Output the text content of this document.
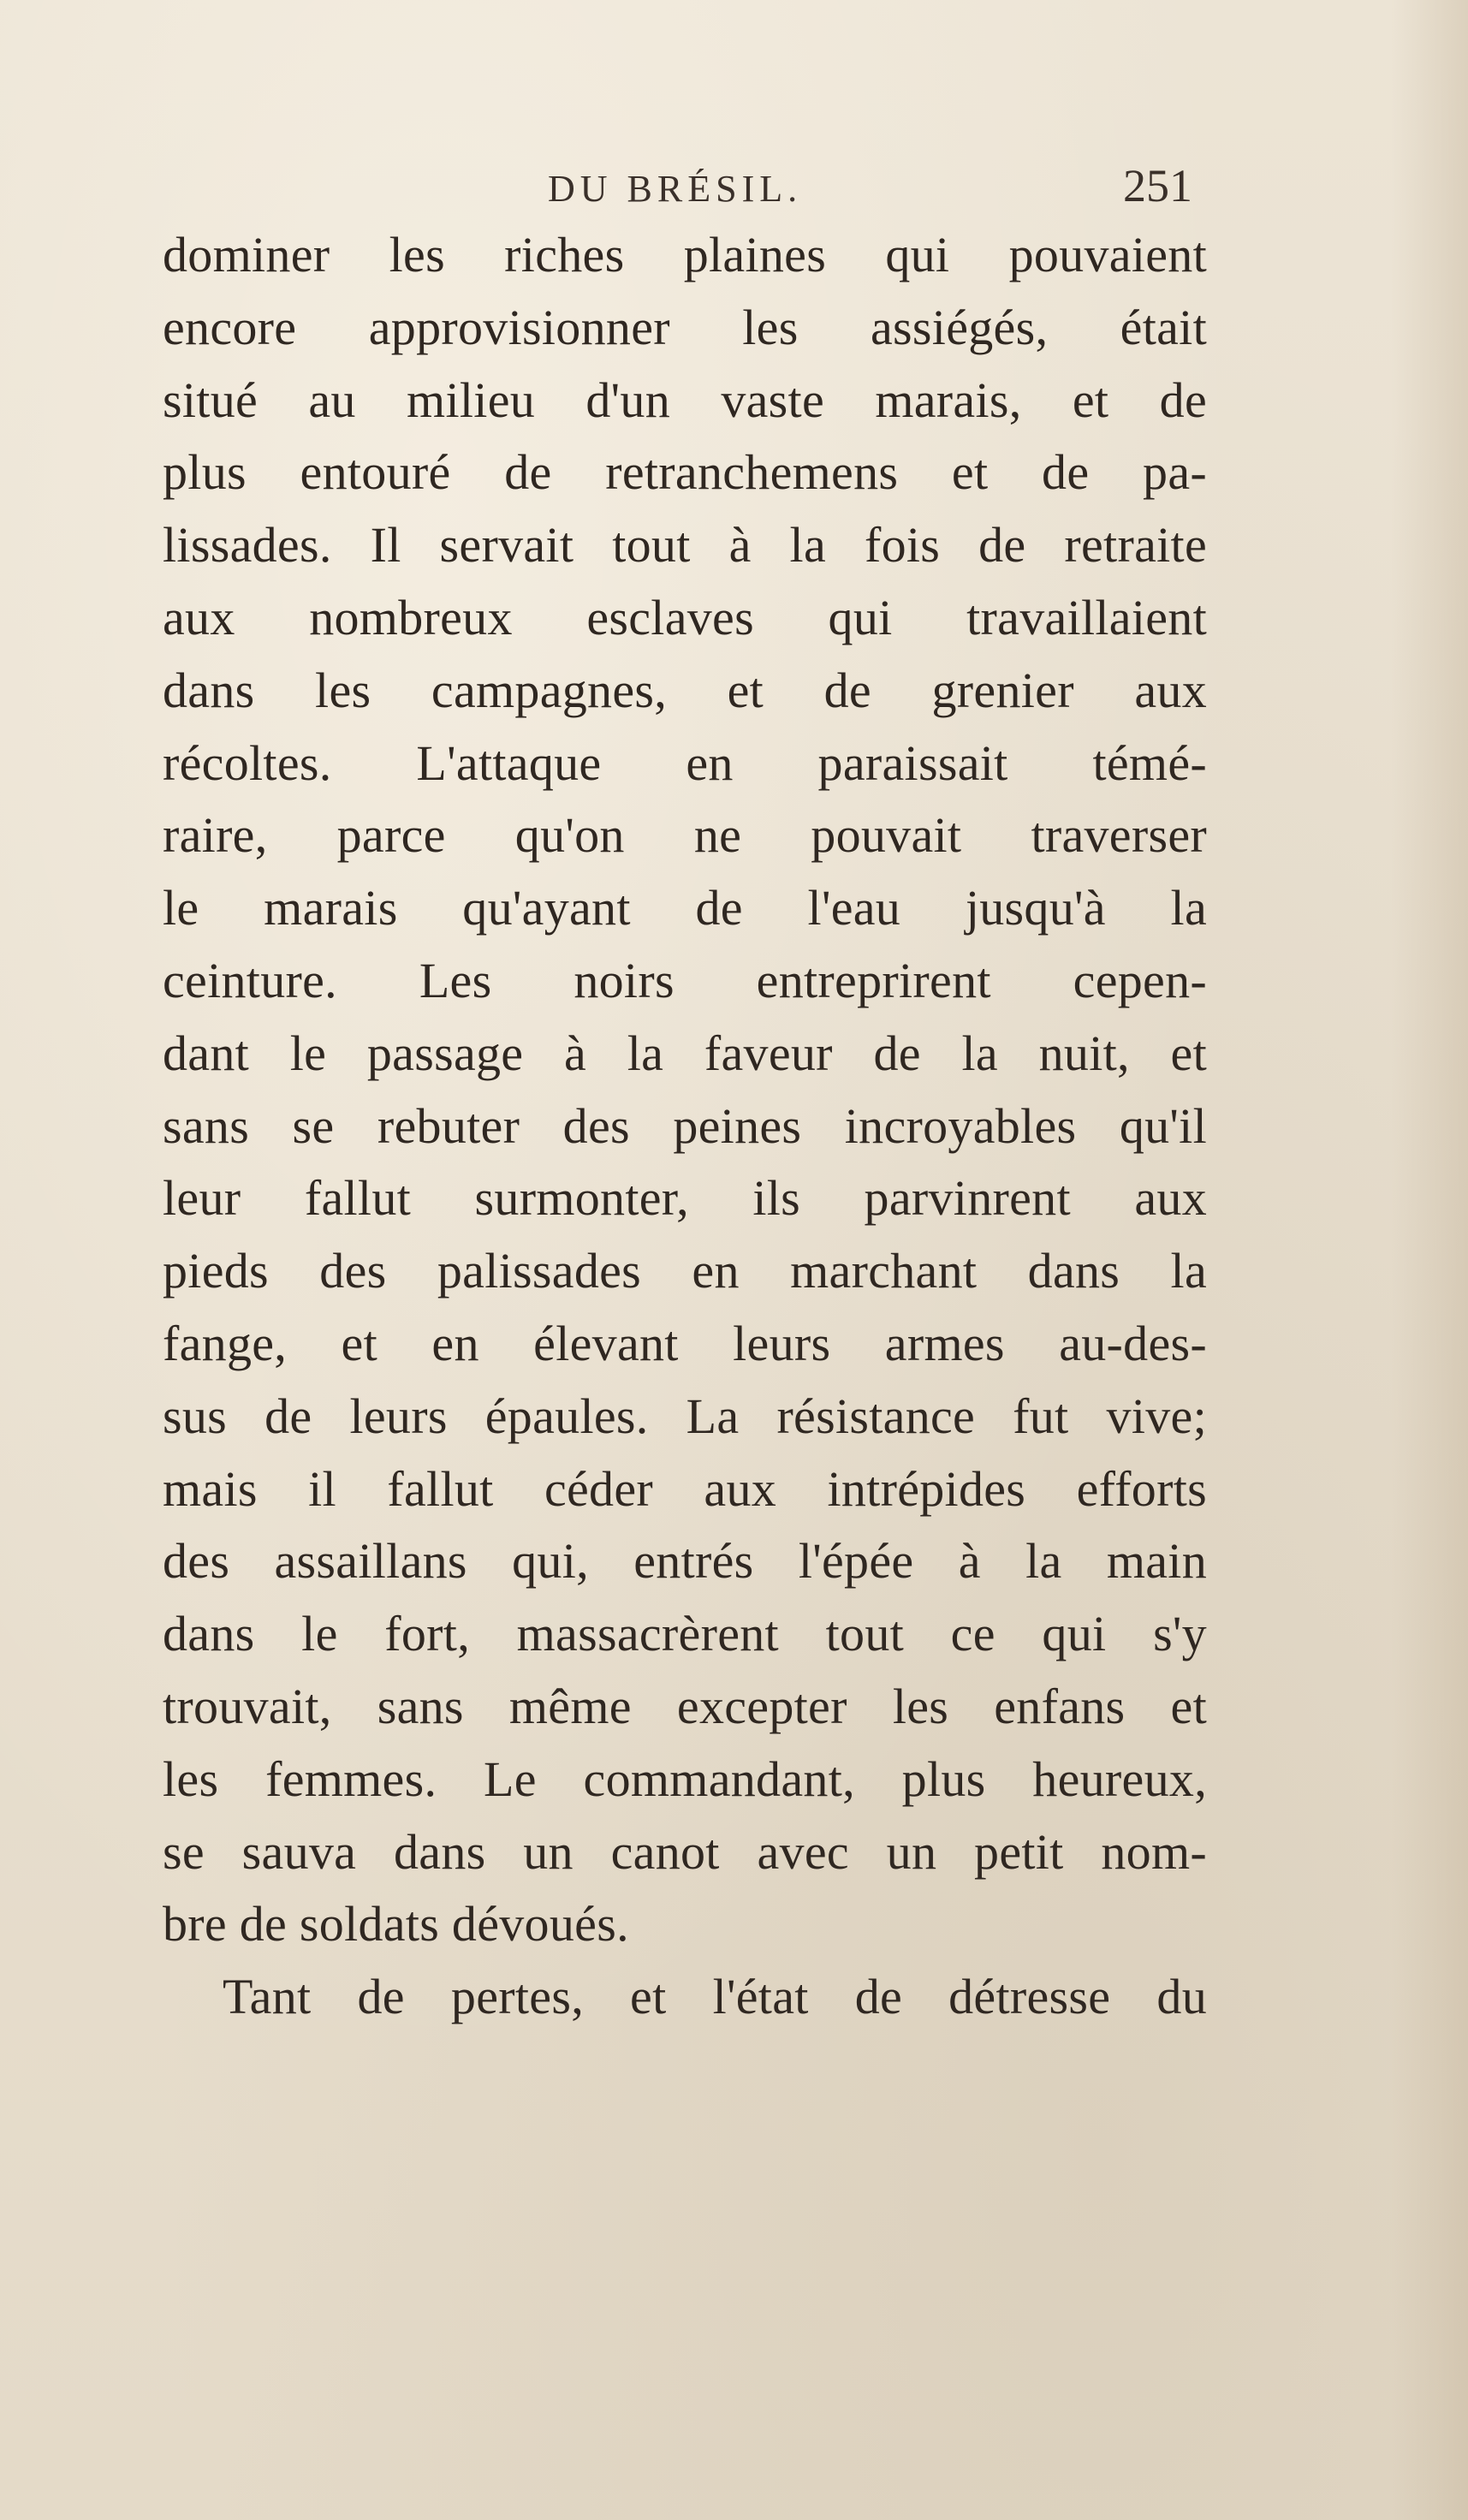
DU BRÉSIL.	251
dominer les riches plaines qui pouvaient
encore approvisionner les assiégés, était
situé au milieu d'un vaste marais, et de
plus entouré de retranchemens et de pa-
lissades. Il servait tout à la fois de retraite
aux nombreux esclaves qui travaillaient
dans les campagnes, et de grenier aux
récoltes. L'attaque en paraissait témé-
raire, parce qu'on ne pouvait traverser
le marais qu'ayant de l'eau jusqu'à la
ceinture. Les noirs entreprirent cepen-
dant le passage à la faveur de la nuit, et
sans se rebuter des peines incroyables qu'il
leur fallut surmonter, ils parvinrent aux
pieds des palissades en marchant dans la
fange, et en élevant leurs armes au-des-
sus de leurs épaules. La résistance fut vive;
mais il fallut céder aux intrépides efforts
des assaillans qui, entrés l'épée à la main
dans le fort, massacrèrent tout ce qui s'y
trouvait, sans même excepter les enfans et
les femmes. Le commandant, plus heureux,
se sauva dans un canot avec un petit nom-
bre de soldats dévoués.
Tant de pertes, et l'état de détresse du
